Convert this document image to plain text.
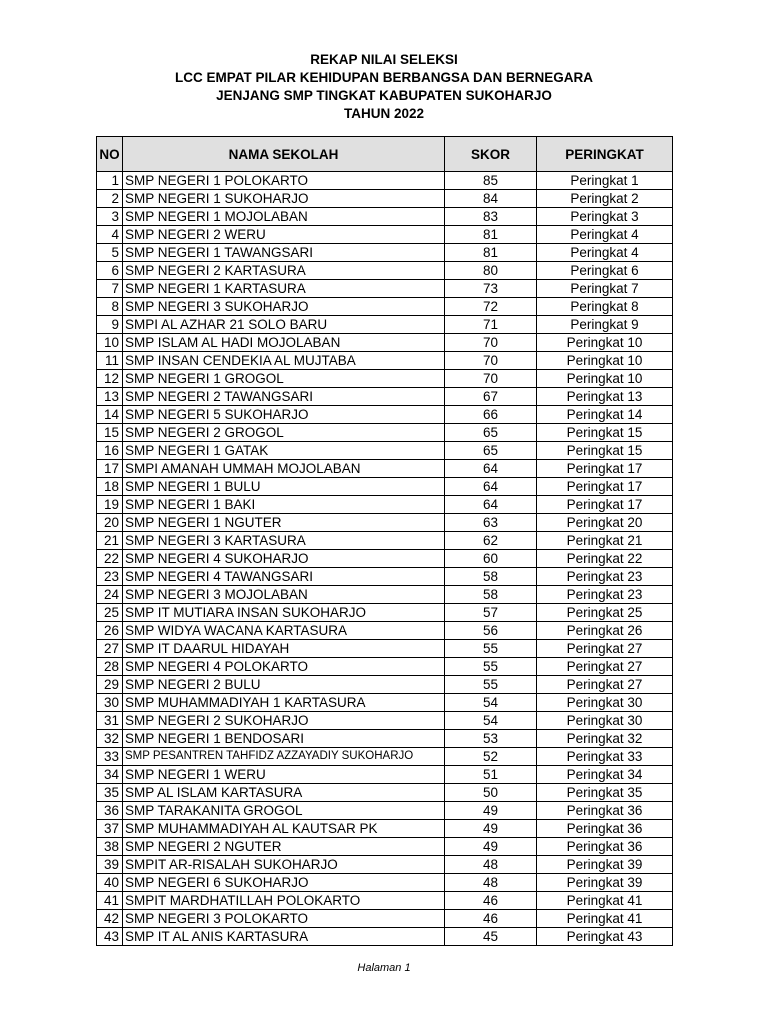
REKAP NILAI SELEKSI
LCC EMPAT PILAR KEHIDUPAN BERBANGSA DAN BERNEGARA
JENJANG SMP TINGKAT KABUPATEN SUKOHARJO
TAHUN 2022
NO	NAMA SEKOLAH	SKOR	PERINGKAT
1	SMP NEGERI 1 POLOKARTO	85	Peringkat 1
2	SMP NEGERI 1 SUKOHARJO	84	Peringkat 2
3	SMP NEGERI 1 MOJOLABAN	83	Peringkat 3
4	SMP NEGERI 2 WERU	81	Peringkat 4
5	SMP NEGERI 1 TAWANGSARI	81	Peringkat 4
6	SMP NEGERI 2 KARTASURA	80	Peringkat 6
7	SMP NEGERI 1 KARTASURA	73	Peringkat 7
8	SMP NEGERI 3 SUKOHARJO	72	Peringkat 8
9	SMPI AL AZHAR 21 SOLO BARU	71	Peringkat 9
10	SMP ISLAM AL HADI MOJOLABAN	70	Peringkat 10
11	SMP INSAN CENDEKIA AL MUJTABA	70	Peringkat 10
12	SMP NEGERI 1 GROGOL	70	Peringkat 10
13	SMP NEGERI 2 TAWANGSARI	67	Peringkat 13
14	SMP NEGERI 5 SUKOHARJO	66	Peringkat 14
15	SMP NEGERI 2 GROGOL	65	Peringkat 15
16	SMP NEGERI 1 GATAK	65	Peringkat 15
17	SMPI AMANAH UMMAH MOJOLABAN	64	Peringkat 17
18	SMP NEGERI 1 BULU	64	Peringkat 17
19	SMP NEGERI 1 BAKI	64	Peringkat 17
20	SMP NEGERI 1 NGUTER	63	Peringkat 20
21	SMP NEGERI 3 KARTASURA	62	Peringkat 21
22	SMP NEGERI 4 SUKOHARJO	60	Peringkat 22
23	SMP NEGERI 4 TAWANGSARI	58	Peringkat 23
24	SMP NEGERI 3 MOJOLABAN	58	Peringkat 23
25	SMP IT MUTIARA INSAN SUKOHARJO	57	Peringkat 25
26	SMP WIDYA WACANA KARTASURA	56	Peringkat 26
27	SMP IT DAARUL HIDAYAH	55	Peringkat 27
28	SMP NEGERI 4 POLOKARTO	55	Peringkat 27
29	SMP NEGERI 2 BULU	55	Peringkat 27
30	SMP MUHAMMADIYAH 1 KARTASURA	54	Peringkat 30
31	SMP NEGERI 2 SUKOHARJO	54	Peringkat 30
32	SMP NEGERI 1 BENDOSARI	53	Peringkat 32
33	SMP PESANTREN TAHFIDZ AZZAYADIY SUKOHARJO	52	Peringkat 33
34	SMP NEGERI 1 WERU	51	Peringkat 34
35	SMP AL ISLAM KARTASURA	50	Peringkat 35
36	SMP TARAKANITA GROGOL	49	Peringkat 36
37	SMP MUHAMMADIYAH AL KAUTSAR PK	49	Peringkat 36
38	SMP NEGERI 2 NGUTER	49	Peringkat 36
39	SMPIT AR-RISALAH SUKOHARJO	48	Peringkat 39
40	SMP NEGERI 6 SUKOHARJO	48	Peringkat 39
41	SMPIT MARDHATILLAH POLOKARTO	46	Peringkat 41
42	SMP NEGERI 3 POLOKARTO	46	Peringkat 41
43	SMP IT AL ANIS KARTASURA	45	Peringkat 43
Halaman 1
